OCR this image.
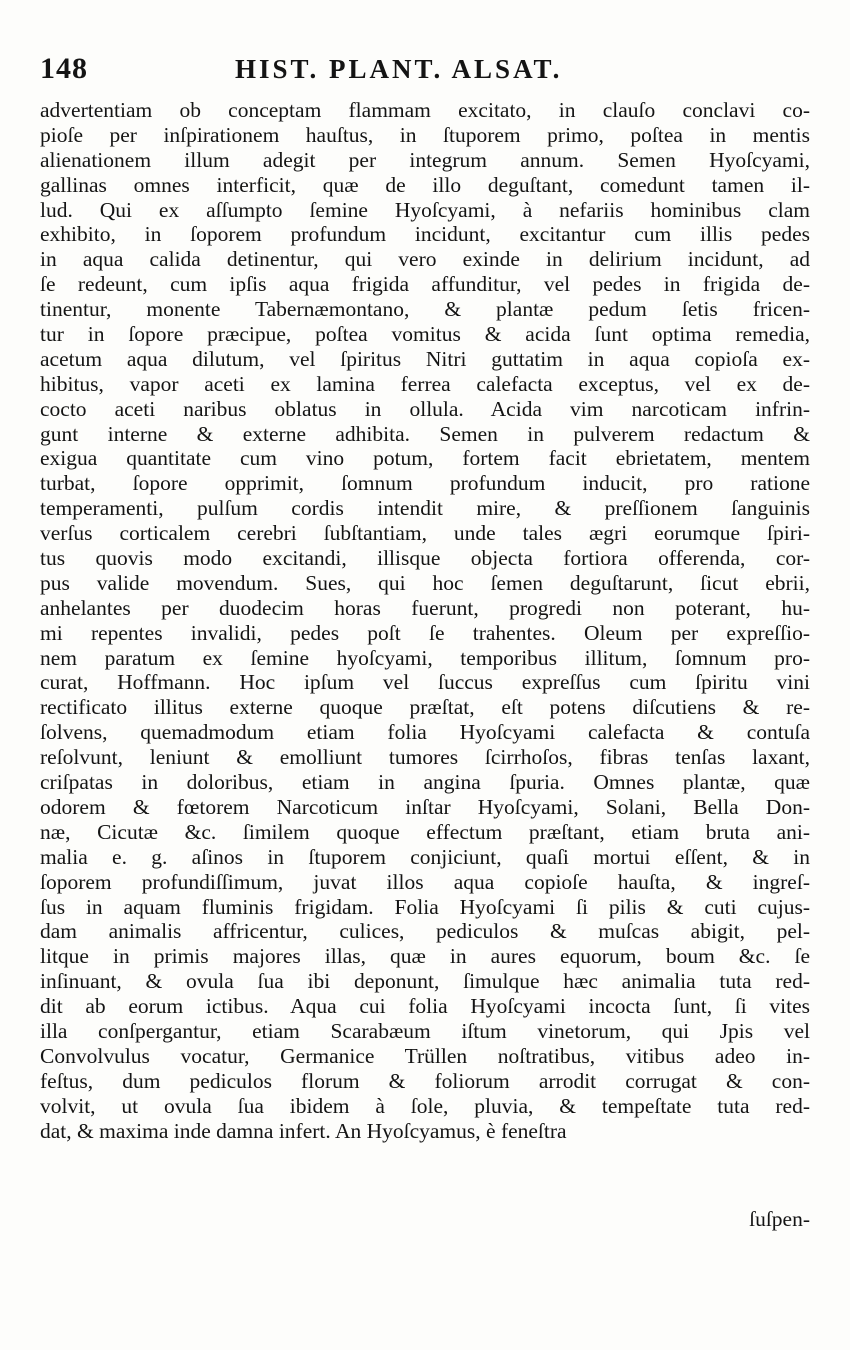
148	HIST. PLANT. ALSAT.
advertentiam ob conceptam flammam excitato, in clauſo conclavi co-
pioſe per inſpirationem hauſtus, in ſtuporem primo, poſtea in mentis
alienationem illum adegit per integrum annum. Semen Hyoſcyami,
gallinas omnes interficit, quæ de illo deguſtant, comedunt tamen il-
lud. Qui ex aſſumpto ſemine Hyoſcyami, à nefariis hominibus clam
exhibito, in ſoporem profundum incidunt, excitantur cum illis pedes
in aqua calida detinentur, qui vero exinde in delirium incidunt, ad
ſe redeunt, cum ipſis aqua frigida affunditur, vel pedes in frigida de-
tinentur, monente Tabernæmontano, & plantæ pedum ſetis fricen-
tur in ſopore præcipue, poſtea vomitus & acida ſunt optima remedia,
acetum aqua dilutum, vel ſpiritus Nitri guttatim in aqua copioſa ex-
hibitus, vapor aceti ex lamina ferrea calefacta exceptus, vel ex de-
cocto aceti naribus oblatus in ollula. Acida vim narcoticam infrin-
gunt interne & externe adhibita. Semen in pulverem redactum &
exigua quantitate cum vino potum, fortem facit ebrietatem, mentem
turbat, ſopore opprimit, ſomnum profundum inducit, pro ratione
temperamenti, pulſum cordis intendit mire, & preſſionem ſanguinis
verſus corticalem cerebri ſubſtantiam, unde tales ægri eorumque ſpiri-
tus quovis modo excitandi, illisque objecta fortiora offerenda, cor-
pus valide movendum. Sues, qui hoc ſemen deguſtarunt, ſicut ebrii,
anhelantes per duodecim horas fuerunt, progredi non poterant, hu-
mi repentes invalidi, pedes poſt ſe trahentes. Oleum per expreſſio-
nem paratum ex ſemine hyoſcyami, temporibus illitum, ſomnum pro-
curat, Hoffmann. Hoc ipſum vel ſuccus expreſſus cum ſpiritu vini
rectificato illitus externe quoque præſtat, eſt potens diſcutiens & re-
ſolvens, quemadmodum etiam folia Hyoſcyami calefacta & contuſa
reſolvunt, leniunt & emolliunt tumores ſcirrhoſos, fibras tenſas laxant,
criſpatas in doloribus, etiam in angina ſpuria. Omnes plantæ, quæ
odorem & fœtorem Narcoticum inſtar Hyoſcyami, Solani, Bella Don-
næ, Cicutæ &c. ſimilem quoque effectum præſtant, etiam bruta ani-
malia e. g. aſinos in ſtuporem conjiciunt, quaſi mortui eſſent, & in
ſoporem profundiſſimum, juvat illos aqua copioſe hauſta, & ingreſ-
ſus in aquam fluminis frigidam. Folia Hyoſcyami ſi pilis & cuti cujus-
dam animalis affricentur, culices, pediculos & muſcas abigit, pel-
litque in primis majores illas, quæ in aures equorum, boum &c. ſe
inſinuant, & ovula ſua ibi deponunt, ſimulque hæc animalia tuta red-
dit ab eorum ictibus. Aqua cui folia Hyoſcyami incocta ſunt, ſi vites
illa conſpergantur, etiam Scarabæum iſtum vinetorum, qui Jpis vel
Convolvulus vocatur, Germanice Trüllen noſtratibus, vitibus adeo in-
feſtus, dum pediculos florum & foliorum arrodit corrugat & con-
volvit, ut ovula ſua ibidem à ſole, pluvia, & tempeſtate tuta red-
dat, & maxima inde damna infert. An Hyoſcyamus, è feneſtra
ſuſpen-
